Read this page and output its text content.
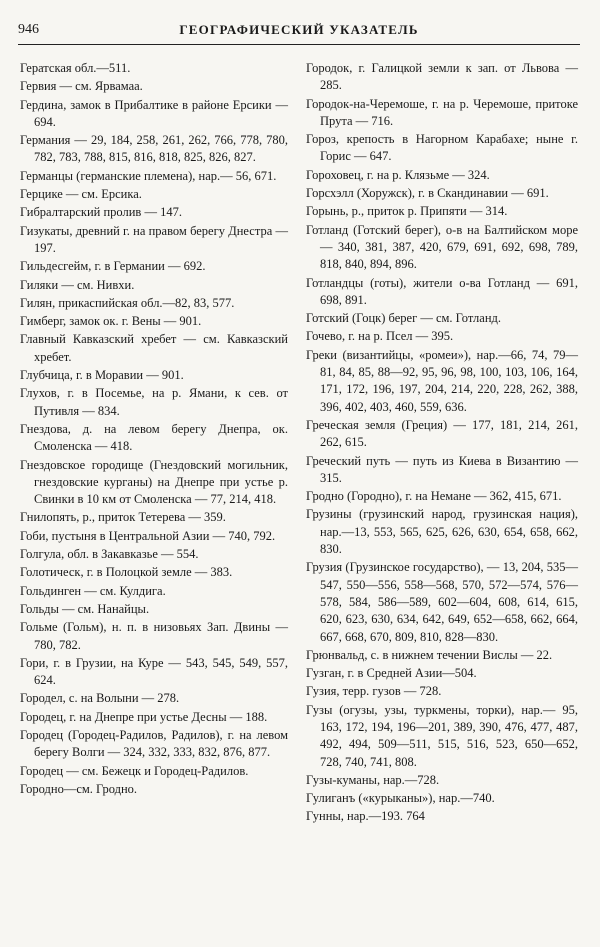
946	ГЕОГРАФИЧЕСКИЙ УКАЗАТЕЛЬ

Гератская обл.—511.

Гервия — см. Ярвамаа.

Гердина, замок в Прибалтике в районе Ерсики — 694.

Германия — 29, 184, 258, 261, 262, 766, 778, 780, 782, 783, 788, 815, 816, 818, 825, 826, 827.

Германцы (германские племена), нар.— 56, 671.

Герцике — см. Ерсика.

Гибралтарский пролив — 147.

Гизукаты, древний г. на правом берегу Днестра — 197.

Гильдесгейм, г. в Германии — 692.

Гиляки — см. Нивхи.

Гилян, прикаспийская обл.—82, 83, 577.

Гимберг, замок ок. г. Вены — 901.

Главный Кавказский хребет — см. Кавказский хребет.

Глубчица, г. в Моравии — 901.

Глухов, г. в Посемье, на р. Ямани, к сев. от Путивля — 834.

Гнездова, д. на левом берегу Днепра, ок. Смоленска — 418.

Гнездовское городище (Гнездовский могильник, гнездовские курганы) на Днепре при устье р. Свинки в 10 км от Смоленска — 77, 214, 418.

Гнилопять, р., приток Тетерева — 359.

Гоби, пустыня в Центральной Азии — 740, 792.

Голгула, обл. в Закавказье — 554.

Голотическ, г. в Полоцкой земле — 383.

Гольдинген — см. Кулдига.

Гольды — см. Нанайцы.

Гольме (Гольм), н. п. в низовьях Зап. Двины — 780, 782.

Гори, г. в Грузии, на Куре — 543, 545, 549, 557, 624.

Городел, с. на Волыни — 278.

Городец, г. на Днепре при устье Десны — 188.

Городец (Городец-Радилов, Радилов), г. на левом берегу Волги — 324, 332, 333, 832, 876, 877.

Городец — см. Бежецк и Городец-Радилов.

Городно—см. Гродно.

Городок, г. Галицкой земли к зап. от Львова — 285.

Городок-на-Черемоше, г. на р. Черемоше, притоке Прута — 716.

Гороз, крепость в Нагорном Карабахе; ныне г. Горис — 647.

Гороховец, г. на р. Клязьме — 324.

Горсхэлл (Хоружск), г. в Скандинавии — 691.

Горынь, р., приток р. Припяти — 314.

Готланд (Готский берег), о-в на Балтийском море — 340, 381, 387, 420, 679, 691, 692, 698, 789, 818, 840, 894, 896.

Готландцы (готы), жители о-ва Готланд — 691, 698, 891.

Готский (Гоцк) берег — см. Готланд.

Гочево, г. на р. Псел — 395.

Греки (византийцы, «ромеи»), нар.—66, 74, 79—81, 84, 85, 88—92, 95, 96, 98, 100, 103, 106, 164, 171, 172, 196, 197, 204, 214, 220, 228, 262, 388, 396, 402, 403, 460, 559, 636.

Греческая земля (Греция) — 177, 181, 214, 261, 262, 615.

Греческий путь — путь из Киева в Византию — 315.

Гродно (Городно), г. на Немане — 362, 415, 671.

Грузины (грузинский народ, грузинская нация), нар.—13, 553, 565, 625, 626, 630, 654, 658, 662, 830.

Грузия (Грузинское государство), — 13, 204, 535—547, 550—556, 558—568, 570, 572—574, 576—578, 584, 586—589, 602—604, 608, 614, 615, 620, 623, 630, 634, 642, 649, 652—658, 662, 664, 667, 668, 670, 809, 810, 828—830.

Грюнвальд, с. в нижнем течении Вислы — 22.

Гузган, г. в Средней Азии—504.

Гузия, терр. гузов — 728.

Гузы (огузы, узы, туркмены, торки), нар.— 95, 163, 172, 194, 196—201, 389, 390, 476, 477, 487, 492, 494, 509—511, 515, 516, 523, 650—652, 728, 740, 741, 808.

Гузы-куманы, нар.—728.

Гулиганъ («курыканы»), нар.—740.

Гунны, нар.—193. 764
